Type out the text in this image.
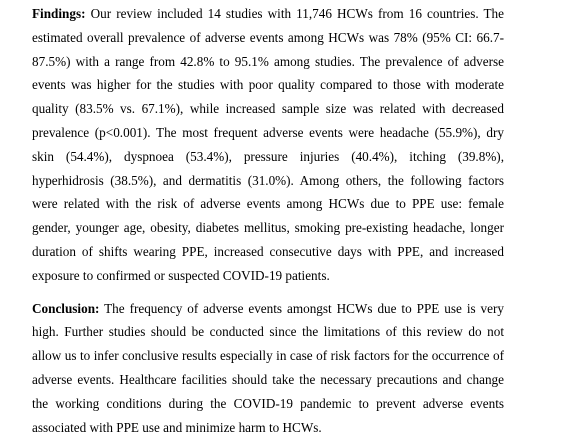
Findings: Our review included 14 studies with 11,746 HCWs from 16 countries. The estimated overall prevalence of adverse events among HCWs was 78% (95% CI: 66.7-87.5%) with a range from 42.8% to 95.1% among studies. The prevalence of adverse events was higher for the studies with poor quality compared to those with moderate quality (83.5% vs. 67.1%), while increased sample size was related with decreased prevalence (p<0.001). The most frequent adverse events were headache (55.9%), dry skin (54.4%), dyspnoea (53.4%), pressure injuries (40.4%), itching (39.8%), hyperhidrosis (38.5%), and dermatitis (31.0%). Among others, the following factors were related with the risk of adverse events among HCWs due to PPE use: female gender, younger age, obesity, diabetes mellitus, smoking pre-existing headache, longer duration of shifts wearing PPE, increased consecutive days with PPE, and increased exposure to confirmed or suspected COVID-19 patients.

Conclusion: The frequency of adverse events amongst HCWs due to PPE use is very high. Further studies should be conducted since the limitations of this review do not allow us to infer conclusive results especially in case of risk factors for the occurrence of adverse events. Healthcare facilities should take the necessary precautions and change the working conditions during the COVID-19 pandemic to prevent adverse events associated with PPE use and minimize harm to HCWs.
